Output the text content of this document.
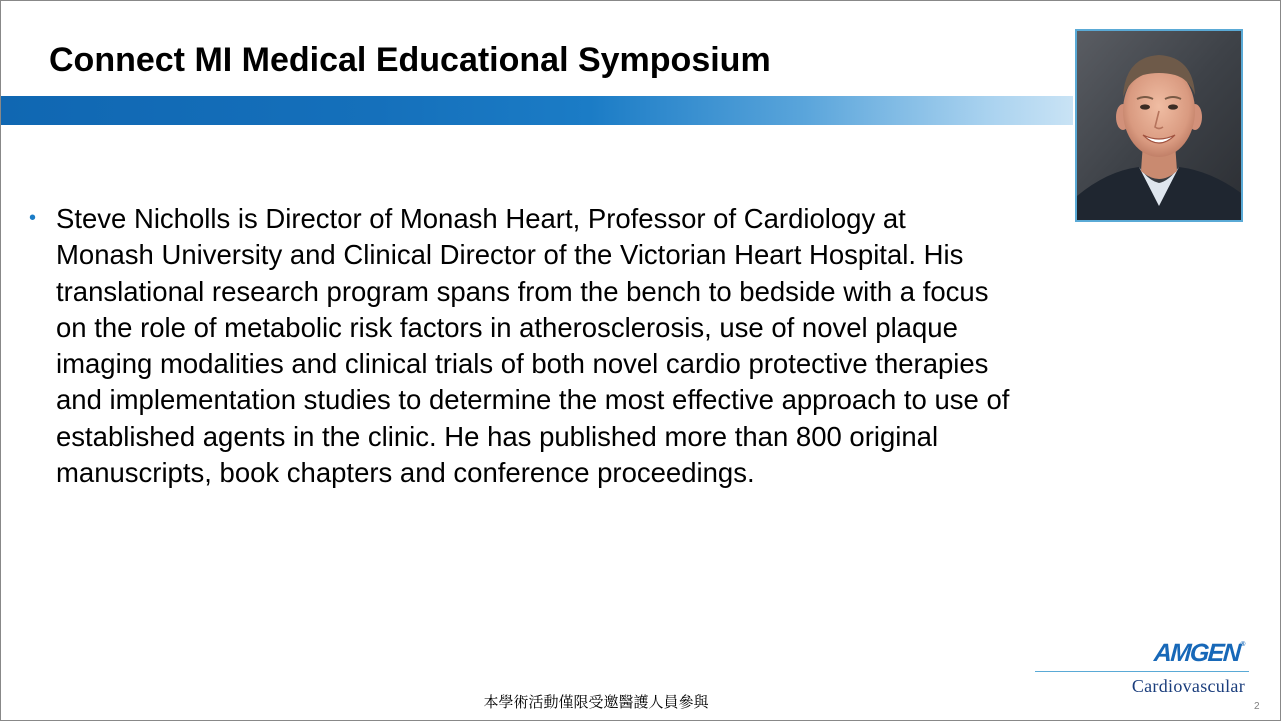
Connect MI Medical Educational Symposium
• Steve Nicholls is Director of Monash Heart, Professor of Cardiology at
Monash University and Clinical Director of the Victorian Heart Hospital. His
translational research program spans from the bench to bedside with a focus
on the role of metabolic risk factors in atherosclerosis, use of novel plaque
imaging modalities and clinical trials of both novel cardio protective therapies
and implementation studies to determine the most effective approach to use of
established agents in the clinic. He has published more than 800 original
manuscripts, book chapters and conference proceedings.
AMGEN®
Cardiovascular
本學術活動僅限受邀醫護人員參與	2
